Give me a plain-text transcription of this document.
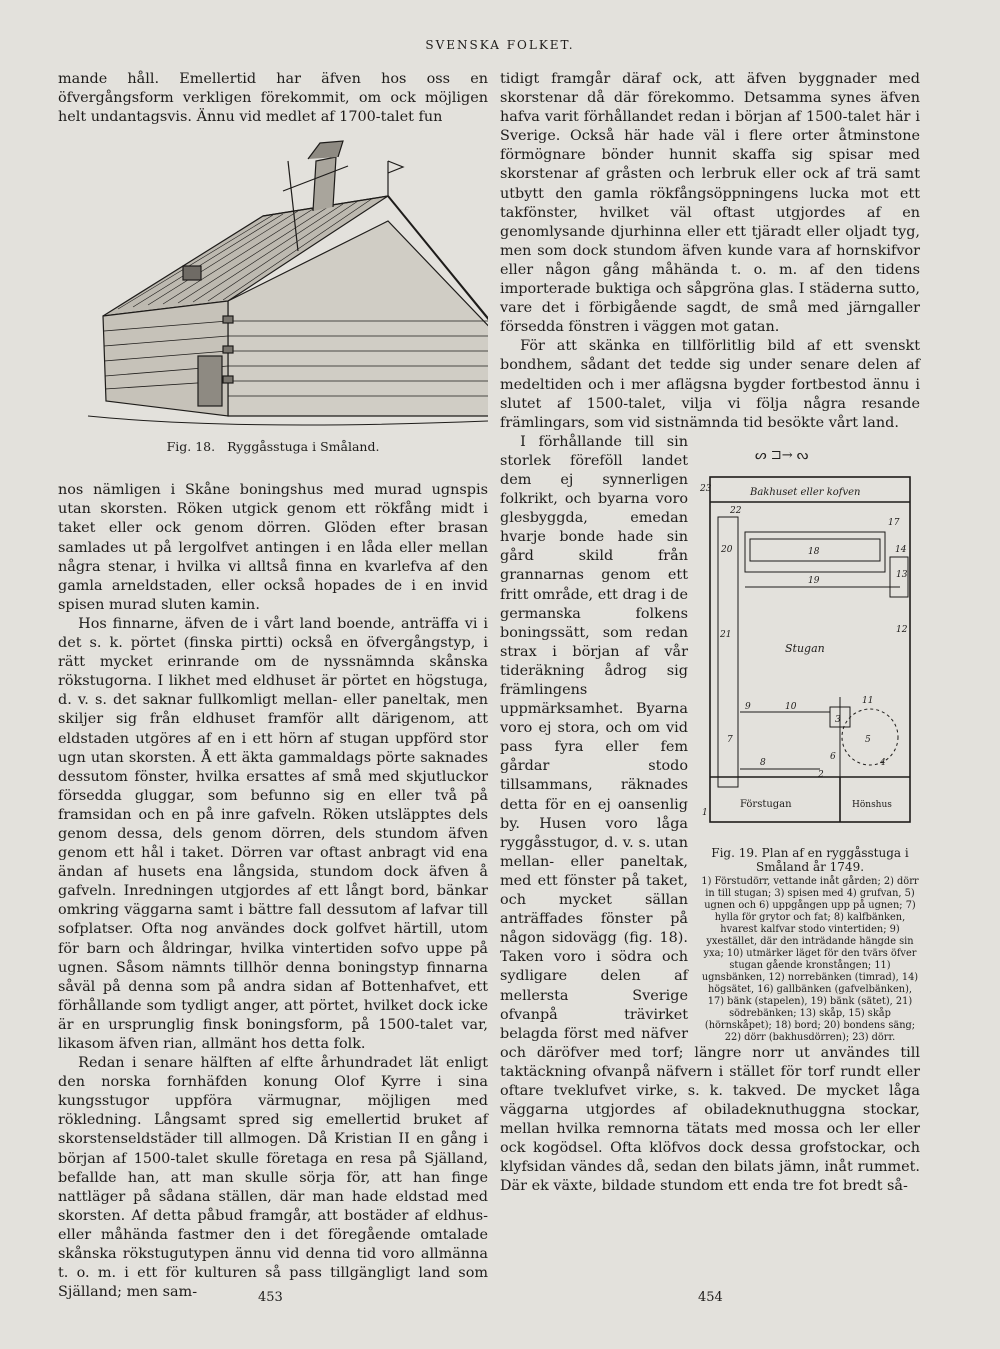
SVENSKA FOLKET.

mande håll. Emellertid har äfven hos oss en öfvergångsform verkligen förekommit, om ock möjligen helt undantagsvis. Ännu vid medlet af 1700-talet fun

Fig. 18. Ryggåsstuga i Småland.

nos nämligen i Skåne boningshus med murad ugnspis utan skorsten. Röken utgick genom ett rökfång midt i taket eller ock genom dörren. Glöden efter brasan samlades ut på lergolfvet antingen i en låda eller mellan några stenar, i hvilka vi alltså finna en kvarlefva af den gamla arneldstaden, eller också hopades de i en invid spisen murad sluten kamin.

Hos finnarne, äfven de i vårt land boende, anträffa vi i det s. k. pörtet (finska pirtti) också en öfvergångstyp, i rätt mycket erinrande om de nyssnämnda skånska rökstugorna. I likhet med eldhuset är pörtet en högstuga, d. v. s. det saknar fullkomligt mellan- eller paneltak, men skiljer sig från eldhuset framför allt därigenom, att eldstaden utgöres af en i ett hörn af stugan uppförd stor ugn utan skorsten. Å ett äkta gammaldags pörte saknades dessutom fönster, hvilka ersattes af små med skjutluckor försedda gluggar, som befunno sig en eller två på framsidan och en på inre gafveln. Röken utsläpptes dels genom dessa, dels genom dörren, dels stundom äfven genom ett hål i taket. Dörren var oftast anbragt vid ena ändan af husets ena långsida, stundom dock äfven å gafveln. Inredningen utgjordes af ett långt bord, bänkar omkring väggarna samt i bättre fall dessutom af lafvar till sofplatser. Ofta nog användes dock golfvet härtill, utom för barn och åldringar, hvilka vintertiden sofvo uppe på ugnen. Såsom nämnts tillhör denna boningstyp finnarna såväl på denna som på andra sidan af Bottenhafvet, ett förhållande som tydligt anger, att pörtet, hvilket dock icke är en ursprunglig finsk boningsform, på 1500-talet var, likasom äfven rian, allmänt hos detta folk.

Redan i senare hälften af elfte århundradet lät enligt den norska fornhäfden konung Olof Kyrre i sina kungsstugor uppföra värmugnar, möjligen med rökledning. Långsamt spred sig emellertid bruket af skorstenseldstäder till allmogen. Då Kristian II en gång i början af 1500-talet skulle företaga en resa på Själland, befallde han, att man skulle sörja för, att han finge nattläger på sådana ställen, där man hade eldstad med skorsten. Af detta påbud framgår, att bostäder af eldhus- eller måhända fastmer den i det föregående omtalade skånska rökstugutypen ännu vid denna tid voro allmänna t. o. m. i ett för kulturen så pass tillgängligt land som Själland; men sam-

tidigt framgår däraf ock, att äfven byggnader med skorstenar då där förekommo. Detsamma synes äfven hafva varit förhållandet redan i början af 1500-talet här i Sverige. Också här hade väl i flere orter åtminstone förmögnare bönder hunnit skaffa sig spisar med skorstenar af gråsten och lerbruk eller ock af trä samt utbytt den gamla rökfångsöppningens lucka mot ett takfönster, hvilket väl oftast utgjordes af en genomlysande djurhinna eller ett tjäradt eller oljadt tyg, men som dock stundom äfven kunde vara af hornskifvor eller någon gång måhända t. o. m. af den tidens importerade buktiga och såpgröna glas. I städerna sutto, vare det i förbigående sagdt, de små med järngaller försedda fönstren i väggen mot gatan.

För att skänka en tillförlitlig bild af ett svenskt bondhem, sådant det tedde sig under senare delen af medeltiden och i mer aflägsna bygder fortbestod ännu i slutet af 1500-talet, vilja vi följa några resande främlingars, som vid sistnämnda tid besökte vårt land.

ᔕ ⊐→ ᔓ
Bakhuset eller kofven
Förstugan	Hönshus
Stugan
23
22
20	18	14
17
19
13
21	12
9	10
11
3
5
7
1
6
8
2
4
Fig. 19. Plan af en ryggåsstuga i Småland år 1749.

1) Förstudörr, vettande inåt gården; 2) dörr in till stugan; 3) spisen med 4) grufvan, 5) ugnen och 6) uppgången upp på ugnen; 7) hylla för grytor och fat; 8) kalfbänken, hvarest kalfvar stodo vintertiden; 9) yxestället, där den inträdande hängde sin yxa; 10) utmärker läget för den tvärs öfver stugan gående kronstången; 11) ugnsbänken, 12) norrebänken (timrad), 14) högsätet, 16) gallbänken (gafvelbänken), 17) bänk (stapelen), 19) bänk (sätet), 21) södrebänken; 13) skåp, 15) skåp (hörnskåpet); 18) bord; 20) bondens säng; 22) dörr (bakhusdörren); 23) dörr.

I förhållande till sin storlek föreföll landet dem ej synnerligen folkrikt, och byarna voro glesbyggda, emedan hvarje bonde hade sin gård skild från grannarnas genom ett fritt område, ett drag i de germanska folkens boningssätt, som redan strax i början af vår tideräkning ådrog sig främlingens uppmärksamhet. Byarna voro ej stora, och om vid pass fyra eller fem gårdar stodo tillsammans, räknades detta för en ej oansenlig by. Husen voro låga ryggåsstugor, d. v. s. utan mellan- eller paneltak, med ett fönster på taket, och mycket sällan anträffades fönster på någon sidovägg (fig. 18). Taken voro i södra och sydligare delen af mellersta Sverige ofvanpå trävirket belagda först med näfver och däröfver med torf; längre norr ut användes till taktäckning ofvanpå näfvern i stället för torf rundt eller oftare tveklufvet virke, s. k. takved. De mycket låga väggarna utgjordes af obiladeknuthuggna stockar, mellan hvilka remnorna tätats med mossa och ler eller ock kogödsel. Ofta klöfvos dock dessa grofstockar, och klyfsidan vändes då, sedan den bilats jämn, inåt rummet. Där ek växte, bildade stundom ett enda tre fot bredt så-

453	454
